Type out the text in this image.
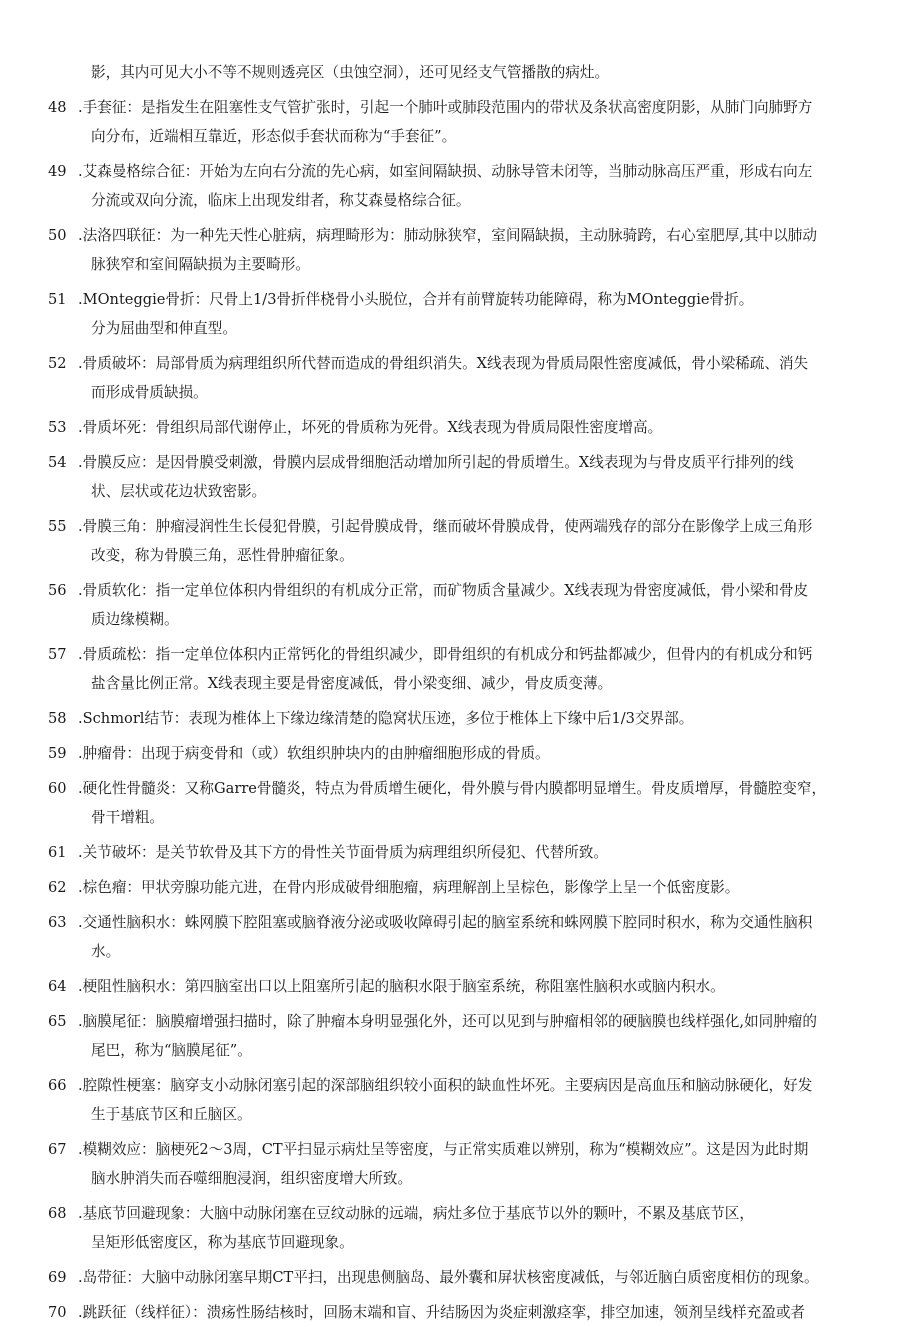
影，其内可见大小不等不规则透亮区（虫蚀空洞），还可见经支气管播散的病灶。
48 .手套征：是指发生在阻塞性支气管扩张时，引起一个肺叶或肺段范围内的带状及条状高密度阴影，从肺门向肺野方
向分布，近端相互靠近，形态似手套状而称为“手套征”。
49 .艾森曼格综合征：开始为左向右分流的先心病，如室间隔缺损、动脉导管未闭等，当肺动脉高压严重，形成右向左
分流或双向分流，临床上出现发绀者，称艾森曼格综合征。
50 .法洛四联征：为一种先天性心脏病，病理畸形为：肺动脉狭窄，室间隔缺损，主动脉骑跨，右心室肥厚,其中以肺动
脉狭窄和室间隔缺损为主要畸形。
51 .MOnteggie骨折：尺骨上1/3骨折伴桡骨小头脱位，合并有前臂旋转功能障碍，称为MOnteggie骨折。
分为屈曲型和伸直型。
52 .骨质破坏：局部骨质为病理组织所代替而造成的骨组织消失。X线表现为骨质局限性密度减低，骨小梁稀疏、消失
而形成骨质缺损。
53 .骨质坏死：骨组织局部代谢停止，坏死的骨质称为死骨。X线表现为骨质局限性密度增高。
54 .骨膜反应：是因骨膜受刺激，骨膜内层成骨细胞活动增加所引起的骨质增生。X线表现为与骨皮质平行排列的线
状、层状或花边状致密影。
55 .骨膜三角：肿瘤浸润性生长侵犯骨膜，引起骨膜成骨，继而破坏骨膜成骨，使两端残存的部分在影像学上成三角形
改变，称为骨膜三角，恶性骨肿瘤征象。
56 .骨质软化：指一定单位体积内骨组织的有机成分正常，而矿物质含量减少。X线表现为骨密度减低，骨小梁和骨皮
质边缘模糊。
57 .骨质疏松：指一定单位体积内正常钙化的骨组织减少，即骨组织的有机成分和钙盐都减少，但骨内的有机成分和钙
盐含量比例正常。X线表现主要是骨密度减低，骨小梁变细、减少，骨皮质变薄。
58 .Schmorl结节：表现为椎体上下缘边缘清楚的隐窝状压迹，多位于椎体上下缘中后1/3交界部。
59 .肿瘤骨：出现于病变骨和（或）软组织肿块内的由肿瘤细胞形成的骨质。
60 .硬化性骨髓炎：又称Garre骨髓炎，特点为骨质增生硬化，骨外膜与骨内膜都明显增生。骨皮质增厚，骨髓腔变窄，
骨干增粗。
61 .关节破坏：是关节软骨及其下方的骨性关节面骨质为病理组织所侵犯、代替所致。
62 .棕色瘤：甲状旁腺功能亢进，在骨内形成破骨细胞瘤，病理解剖上呈棕色，影像学上呈一个低密度影。
63 .交通性脑积水：蛛网膜下腔阻塞或脑脊液分泌或吸收障碍引起的脑室系统和蛛网膜下腔同时积水，称为交通性脑积
水。
64 .梗阻性脑积水：第四脑室出口以上阻塞所引起的脑积水限于脑室系统，称阻塞性脑积水或脑内积水。
65 .脑膜尾征：脑膜瘤增强扫描时，除了肿瘤本身明显强化外，还可以见到与肿瘤相邻的硬脑膜也线样强化,如同肿瘤的
尾巴，称为“脑膜尾征”。
66 .腔隙性梗塞：脑穿支小动脉闭塞引起的深部脑组织较小面积的缺血性坏死。主要病因是高血压和脑动脉硬化，好发
生于基底节区和丘脑区。
67 .模糊效应：脑梗死2〜3周，CT平扫显示病灶呈等密度，与正常实质难以辨别，称为“模糊效应”。这是因为此时期
脑水肿消失而吞噬细胞浸润，组织密度增大所致。
68 .基底节回避现象：大脑中动脉闭塞在豆纹动脉的远端，病灶多位于基底节以外的颗叶，不累及基底节区，
呈矩形低密度区，称为基底节回避现象。
69 .岛带征：大脑中动脉闭塞早期CT平扫，出现患侧脑岛、最外囊和屏状核密度减低，与邻近脑白质密度相仿的现象。
70 .跳跃征（线样征）：溃疡性肠结核时，回肠末端和盲、升结肠因为炎症刺激痉挛，排空加速，领剂呈线样充盈或者
